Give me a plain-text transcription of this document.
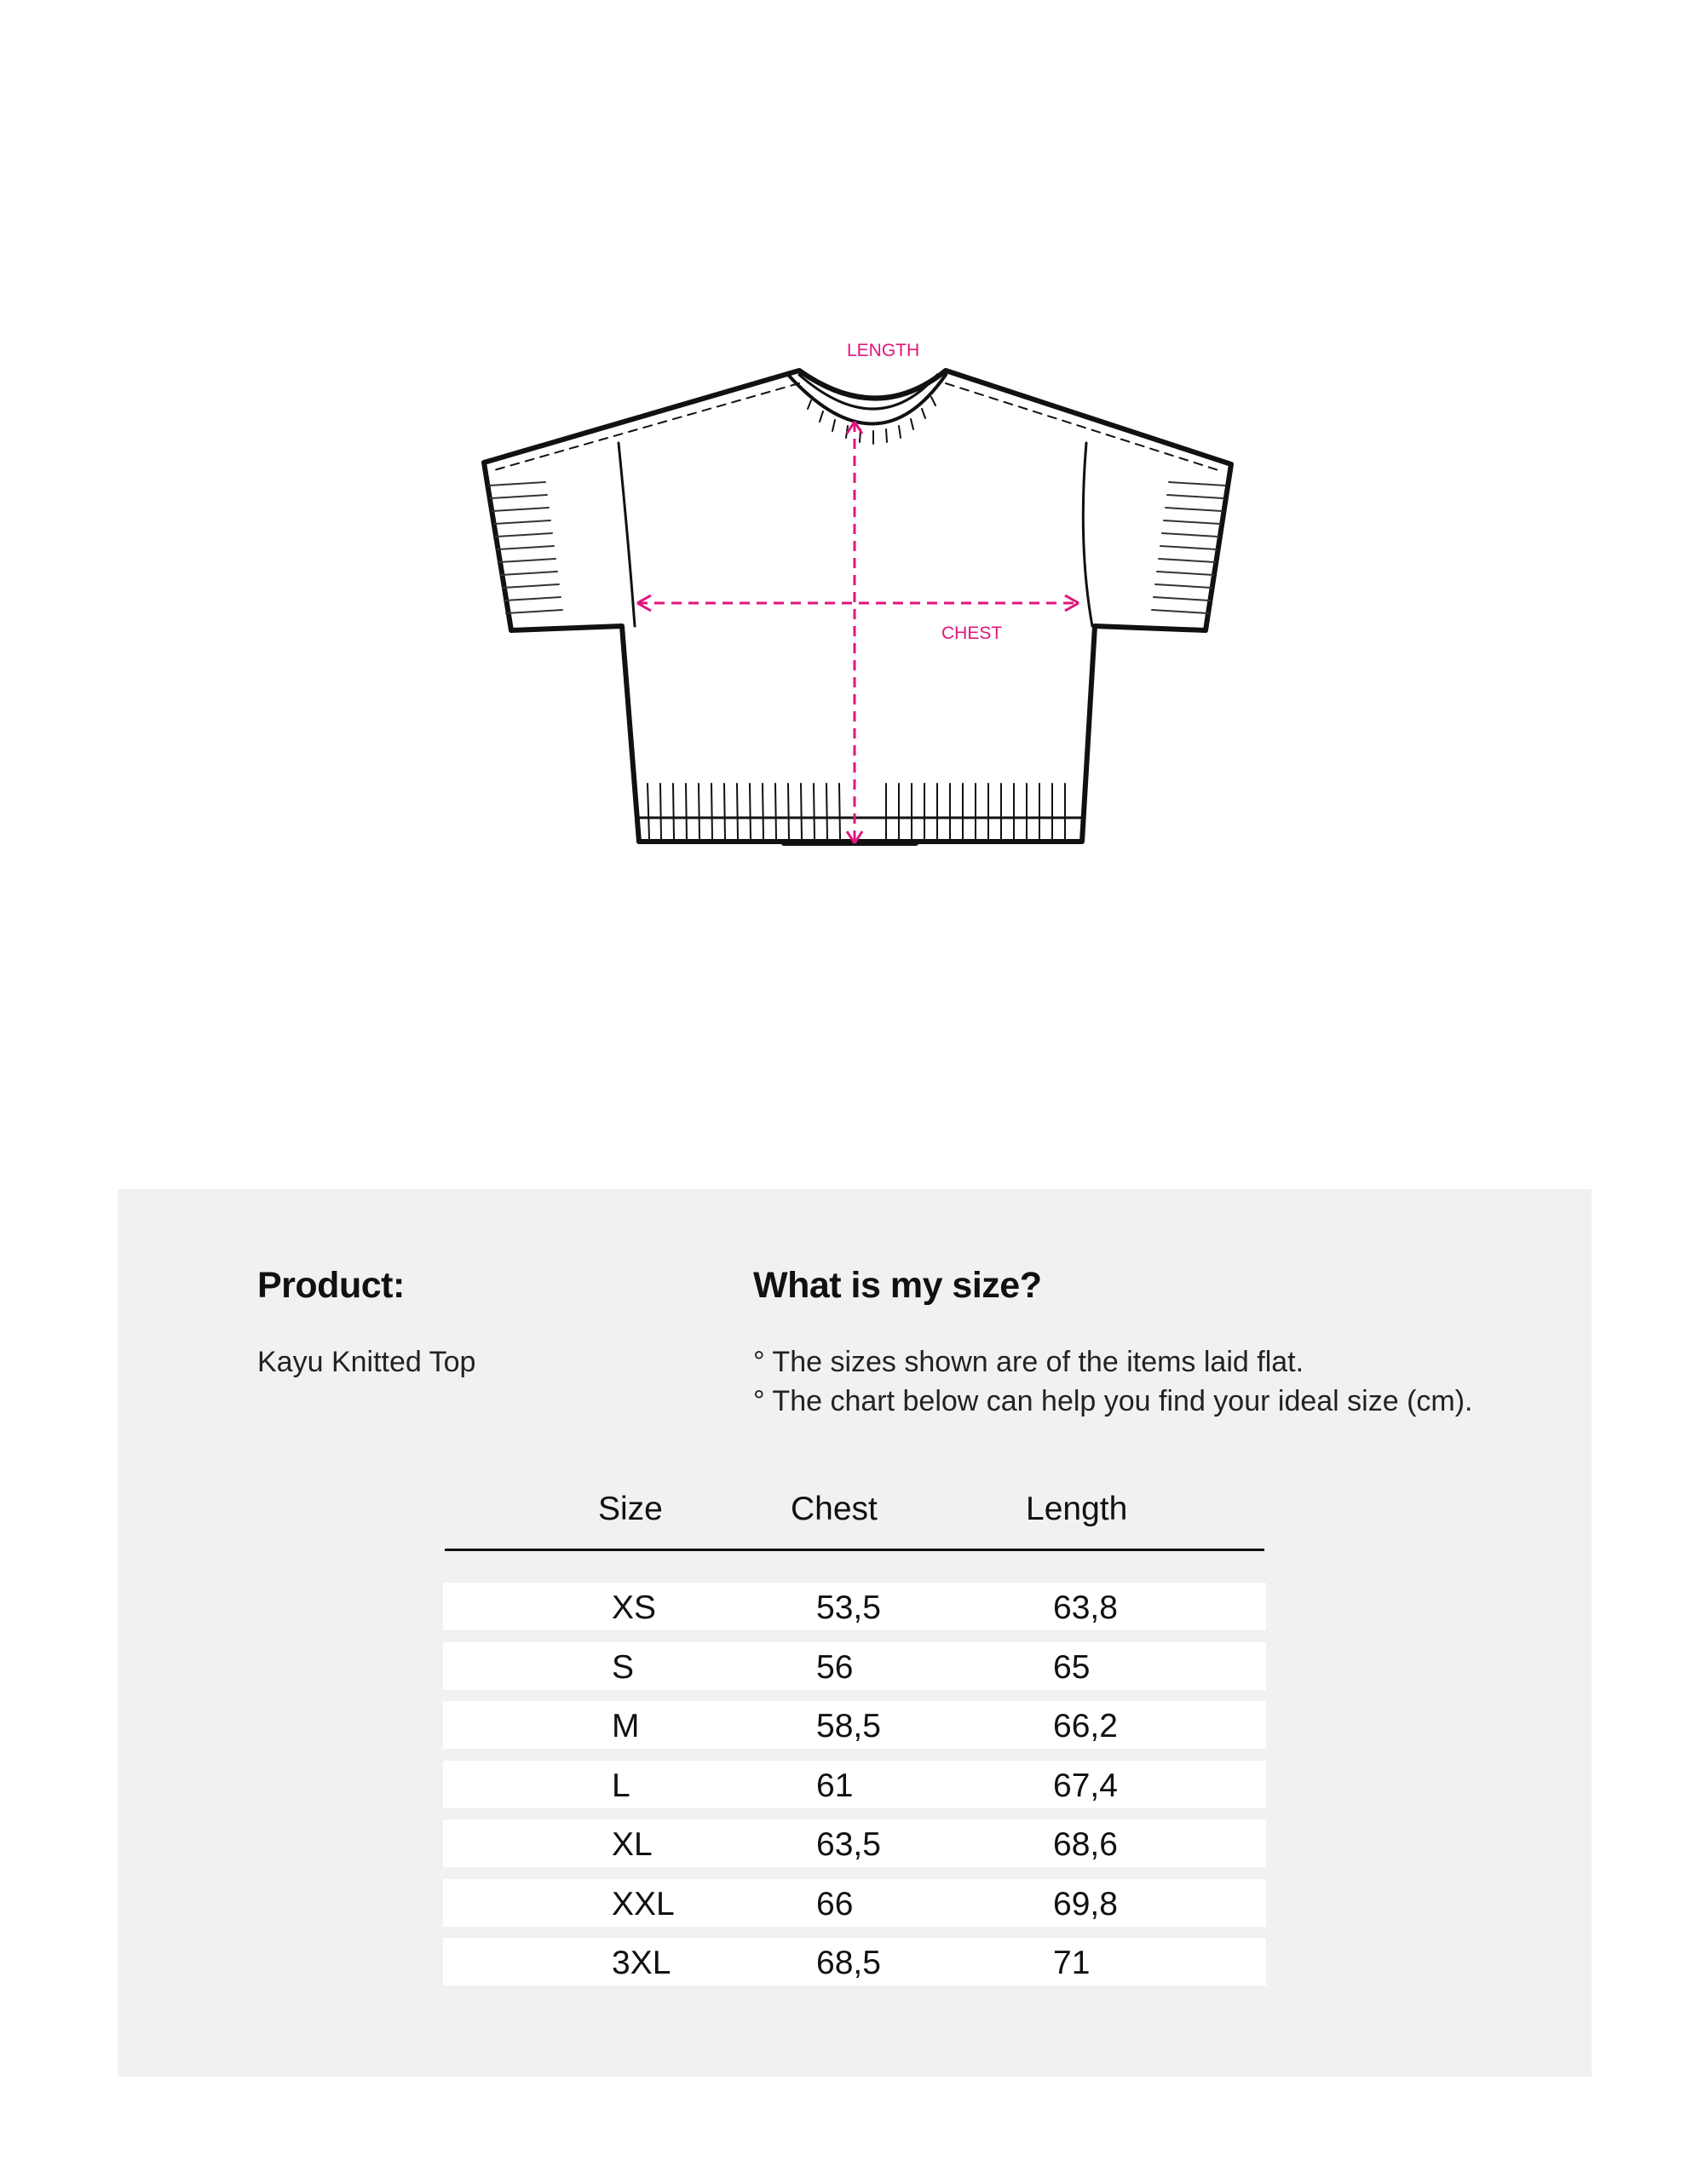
LENGTH
CHEST
Product:
Kayu Knitted Top
What is my size?
° The sizes shown are of the items laid flat.
° The chart below can help you find your ideal size (cm).
Size	Chest	Length
XS	53,5	63,8
S	56	65
M	58,5	66,2
L	61	67,4
XL	63,5	68,6
XXL	66	69,8
3XL	68,5	71
